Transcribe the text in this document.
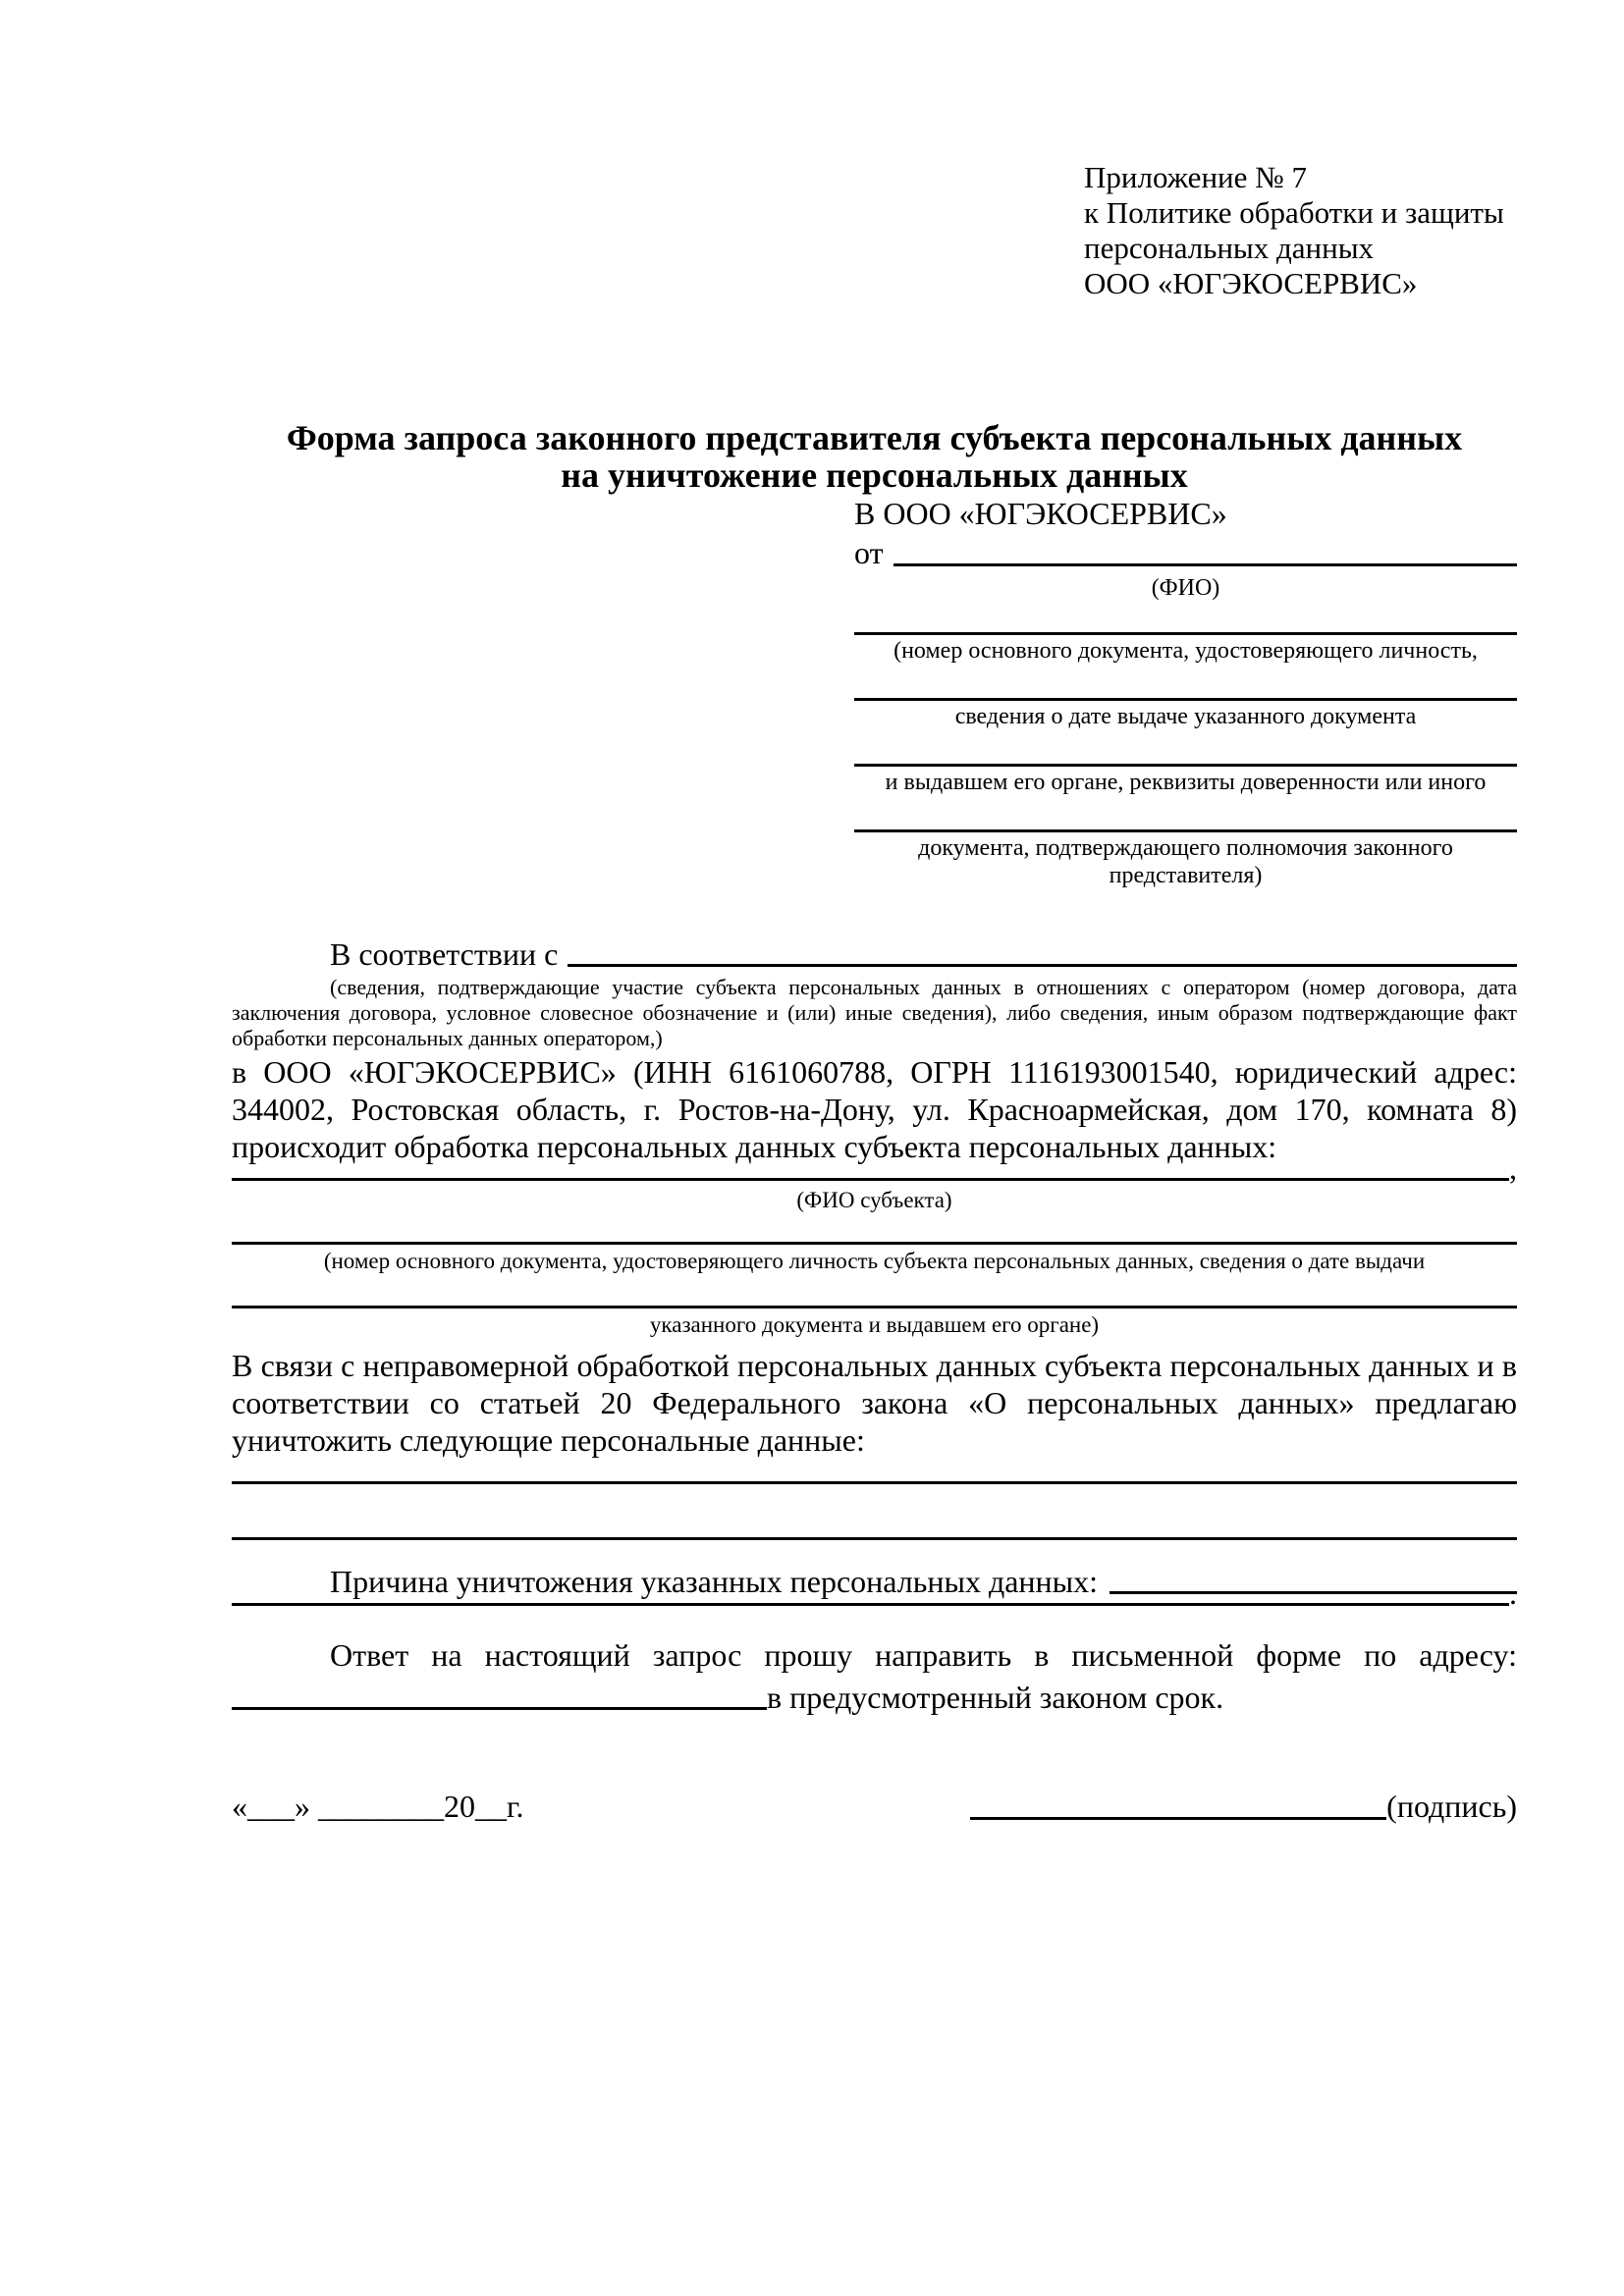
Приложение № 7
к Политике обработки и защиты
персональных данных
ООО «ЮГЭКОСЕРВИС»
Форма запроса законного представителя субъекта персональных данных
на уничтожение персональных данных
В ООО «ЮГЭКОСЕРВИС»
от
(ФИО)
(номер основного документа, удостоверяющего личность,
сведения о дате выдаче указанного документа
и выдавшем его органе, реквизиты доверенности или иного
документа, подтверждающего полномочия законного представителя)
В соответствии с
(сведения, подтверждающие участие субъекта персональных данных в отношениях с оператором (номер договора, дата заключения договора, условное словесное обозначение и (или) иные сведения), либо сведения, иным образом подтверждающие факт обработки персональных данных оператором,)
в ООО «ЮГЭКОСЕРВИС» (ИНН 6161060788, ОГРН 1116193001540, юридический адрес: 344002, Ростовская область, г. Ростов-на-Дону, ул. Красноармейская, дом 170, комната 8) происходит обработка персональных данных субъекта персональных данных:
,
(ФИО субъекта)
(номер основного документа, удостоверяющего личность субъекта персональных данных, сведения о дате выдачи
указанного документа и выдавшем его органе)
В связи с неправомерной обработкой персональных данных субъекта персональных данных и в соответствии со статьей 20 Федерального закона «О персональных данных» предлагаю уничтожить следующие персональные данные:
Причина уничтожения указанных персональных данных:	.
Ответ на настоящий запрос прошу направить в письменной форме по адресу:
в предусмотренный законом срок.
«___» ________20__г.	(подпись)
